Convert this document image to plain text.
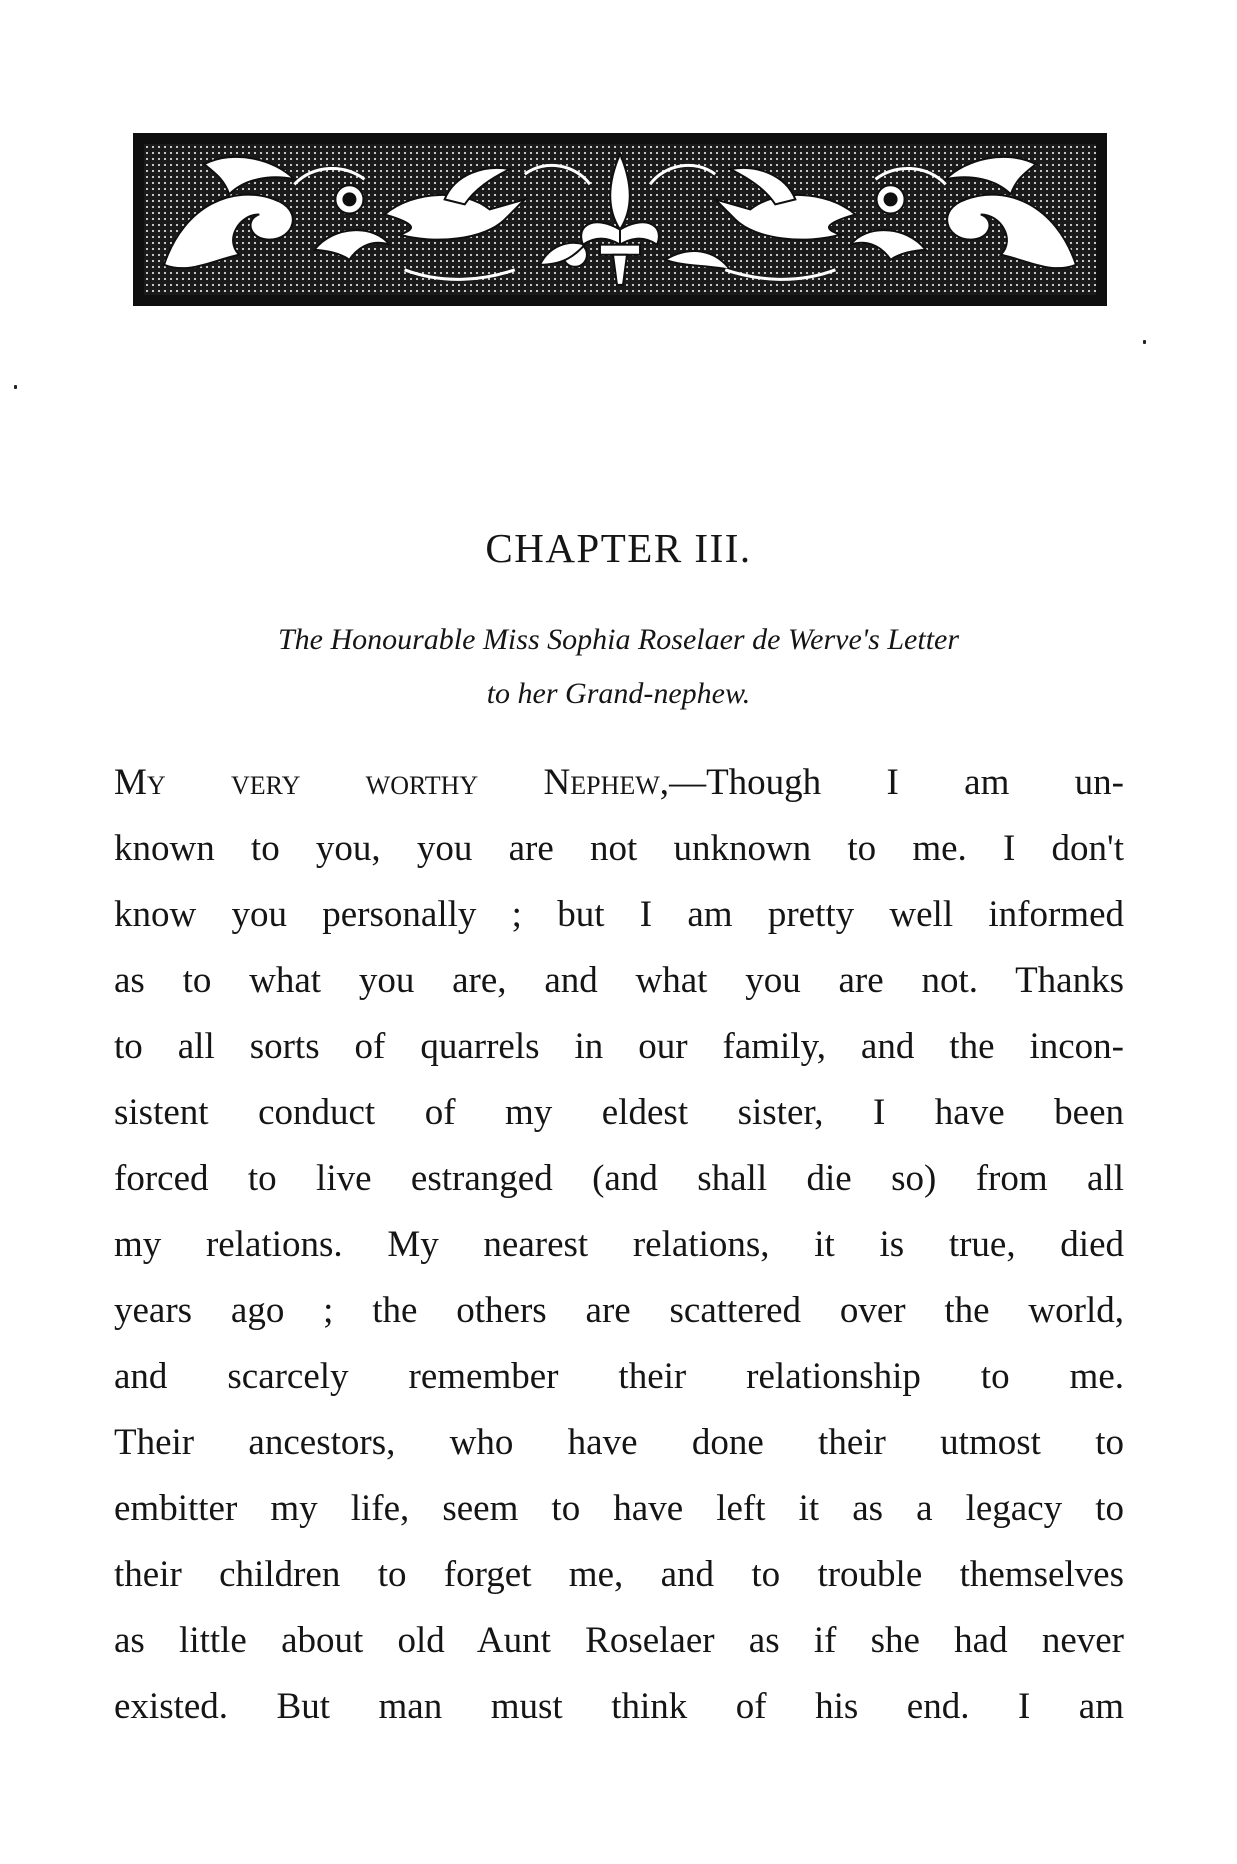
CHAPTER III.
The Honourable Miss Sophia Roselaer de Werve's Letter
to her Grand-nephew.
My very worthy Nephew,—Though I am un-
known to you, you are not unknown to me. I don't
know you personally ; but I am pretty well informed
as to what you are, and what you are not. Thanks
to all sorts of quarrels in our family, and the incon-
sistent conduct of my eldest sister, I have been
forced to live estranged (and shall die so) from all
my relations. My nearest relations, it is true, died
years ago ; the others are scattered over the world,
and scarcely remember their relationship to me.
Their ancestors, who have done their utmost to
embitter my life, seem to have left it as a legacy to
their children to forget me, and to trouble themselves
as little about old Aunt Roselaer as if she had never
existed. But man must think of his end. I am
